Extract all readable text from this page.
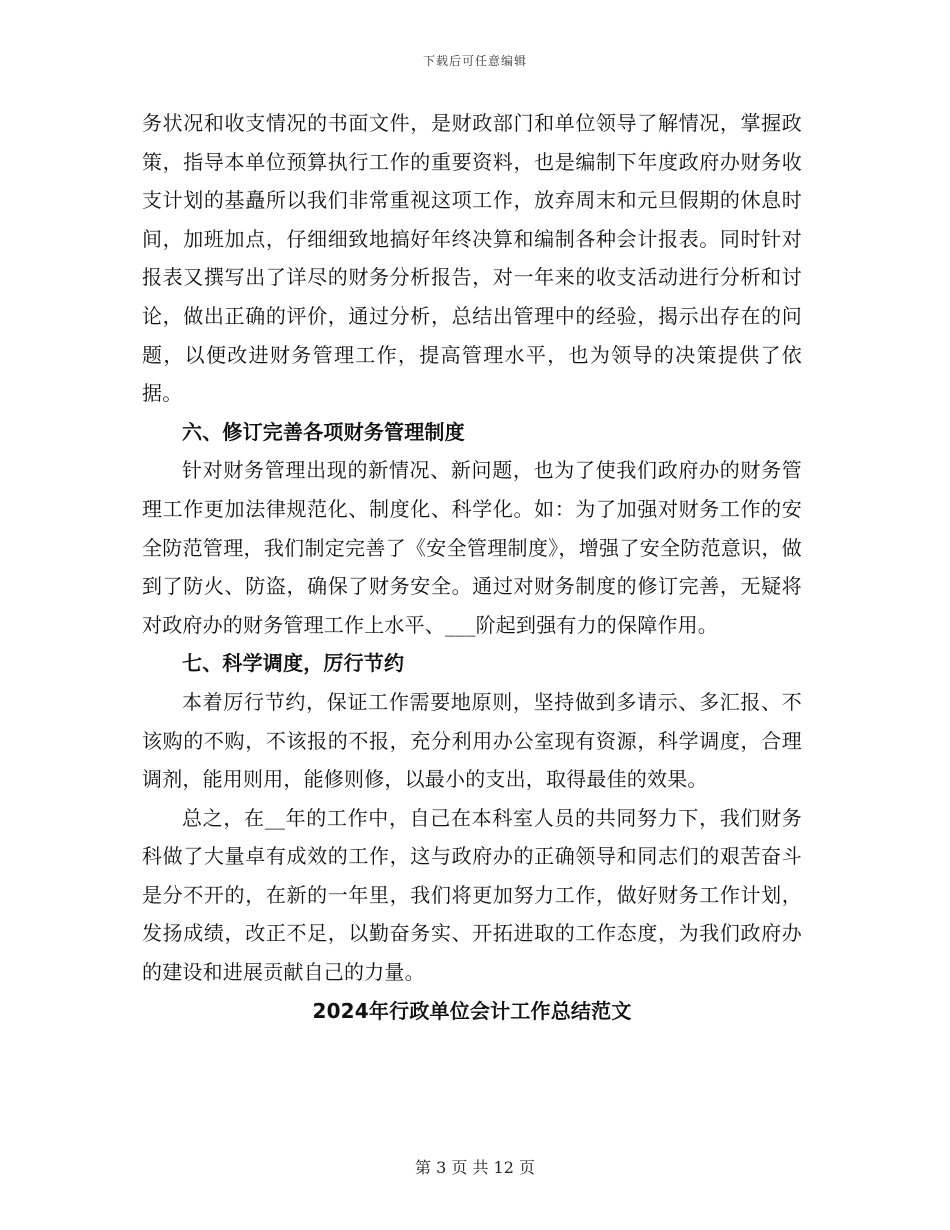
下载后可任意编辑

务状况和收支情况的书面文件，是财政部门和单位领导了解情况，掌握政策，指导本单位预算执行工作的重要资料，也是编制下年度政府办财务收支计划的基矗所以我们非常重视这项工作，放弃周末和元旦假期的休息时间，加班加点，仔细细致地搞好年终决算和编制各种会计报表。同时针对报表又撰写出了详尽的财务分析报告，对一年来的收支活动进行分析和讨论，做出正确的评价，通过分析，总结出管理中的经验，揭示出存在的问题，以便改进财务管理工作，提高管理水平，也为领导的决策提供了依据。

六、修订完善各项财务管理制度

针对财务管理出现的新情况、新问题，也为了使我们政府办的财务管理工作更加法律规范化、制度化、科学化。如：为了加强对财务工作的安全防范管理，我们制定完善了《安全管理制度》，增强了安全防范意识，做到了防火、防盗，确保了财务安全。通过对财务制度的修订完善，无疑将对政府办的财务管理工作上水平、___阶起到强有力的保障作用。

七、科学调度，厉行节约

本着厉行节约，保证工作需要地原则，坚持做到多请示、多汇报、不该购的不购，不该报的不报，充分利用办公室现有资源，科学调度，合理调剂，能用则用，能修则修，以最小的支出，取得最佳的效果。

总之，在__年的工作中，自己在本科室人员的共同努力下，我们财务科做了大量卓有成效的工作，这与政府办的正确领导和同志们的艰苦奋斗是分不开的，在新的一年里，我们将更加努力工作，做好财务工作计划，发扬成绩，改正不足，以勤奋务实、开拓进取的工作态度，为我们政府办的建设和进展贡献自己的力量。

2024年行政单位会计工作总结范文

第 3 页 共 12 页
